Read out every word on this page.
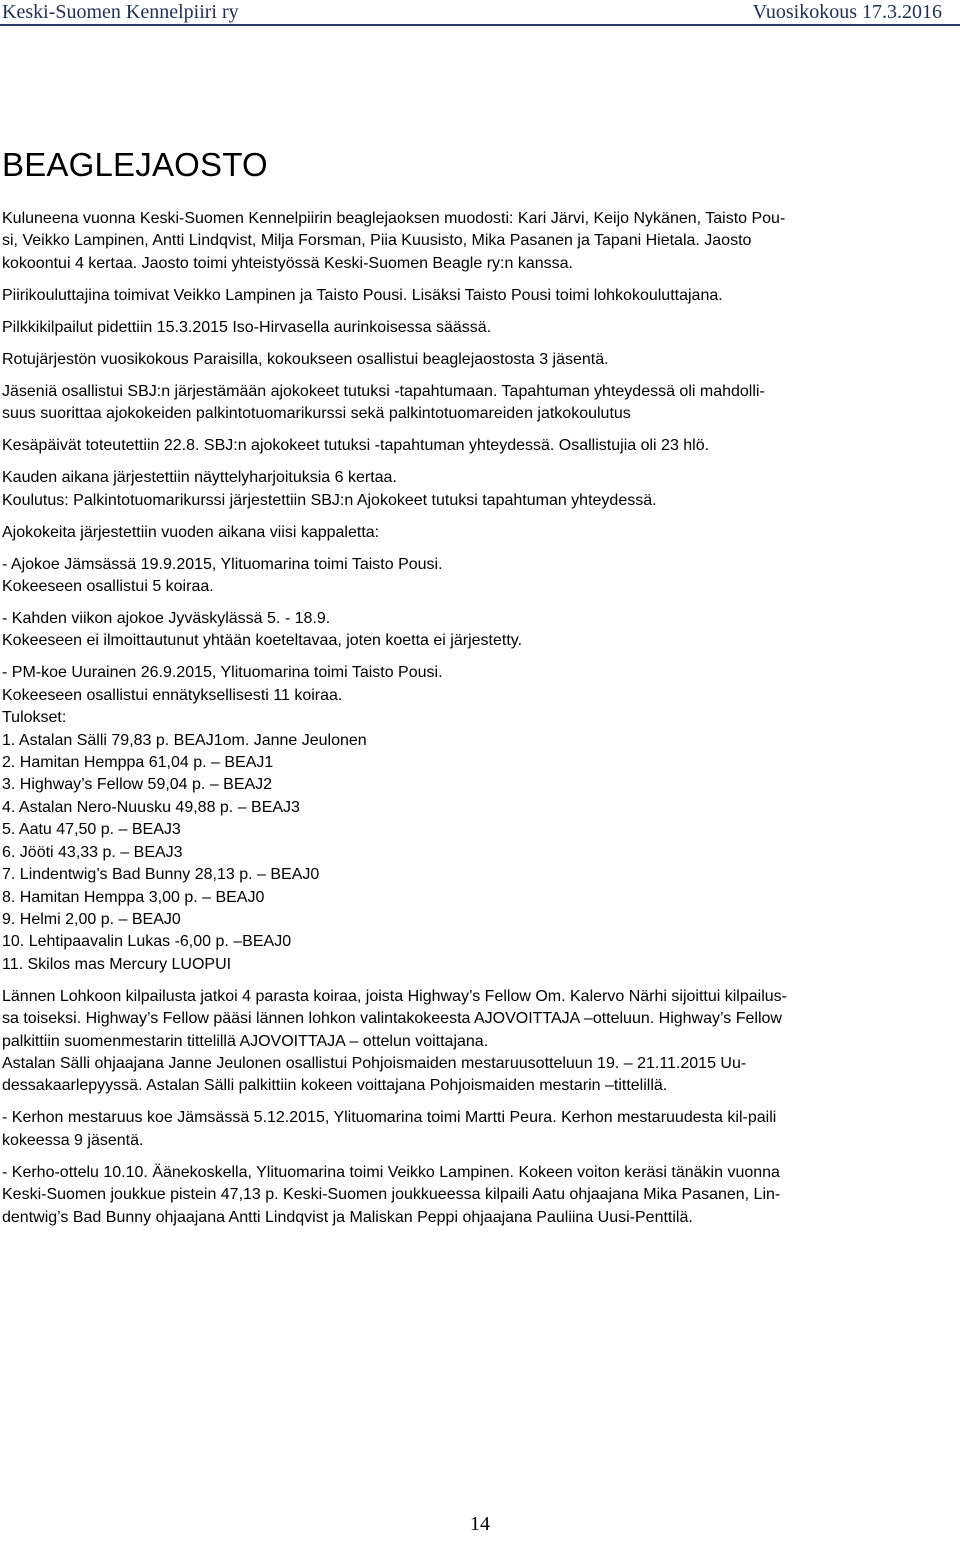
Keski-Suomen Kennelpiiri ry	Vuosikokous 17.3.2016
BEAGLEJAOSTO

Kuluneena vuonna Keski-Suomen Kennelpiirin beaglejaoksen muodosti: Kari Järvi, Keijo Nykänen, Taisto Pou-

si, Veikko Lampinen, Antti Lindqvist, Milja Forsman, Piia Kuusisto, Mika Pasanen ja Tapani Hietala. Jaosto

kokoontui 4 kertaa. Jaosto toimi yhteistyössä Keski-Suomen Beagle ry:n kanssa.

Piirikouluttajina toimivat Veikko Lampinen ja Taisto Pousi. Lisäksi Taisto Pousi toimi lohkokouluttajana.

Pilkkikilpailut pidettiin 15.3.2015 Iso-Hirvasella aurinkoisessa säässä.

Rotujärjestön vuosikokous Paraisilla, kokoukseen osallistui beaglejaostosta 3 jäsentä.

Jäseniä osallistui SBJ:n järjestämään ajokokeet tutuksi -tapahtumaan. Tapahtuman yhteydessä oli mahdolli-

suus suorittaa ajokokeiden palkintotuomarikurssi sekä palkintotuomareiden jatkokoulutus

Kesäpäivät toteutettiin 22.8. SBJ:n ajokokeet tutuksi -tapahtuman yhteydessä. Osallistujia oli 23 hlö.

Kauden aikana järjestettiin näyttelyharjoituksia 6 kertaa.

Koulutus: Palkintotuomarikurssi järjestettiin SBJ:n Ajokokeet tutuksi tapahtuman yhteydessä.

Ajokokeita järjestettiin vuoden aikana viisi kappaletta:

- Ajokoe Jämsässä 19.9.2015, Ylituomarina toimi Taisto Pousi.

Kokeeseen osallistui 5 koiraa.

- Kahden viikon ajokoe Jyväskylässä 5. - 18.9.

Kokeeseen ei ilmoittautunut yhtään koeteltavaa, joten koetta ei järjestetty.

- PM-koe Uurainen 26.9.2015, Ylituomarina toimi Taisto Pousi.

Kokeeseen osallistui ennätyksellisesti 11 koiraa.

Tulokset:

1. Astalan Sälli 79,83 p. BEAJ1om. Janne Jeulonen

2. Hamitan Hemppa 61,04 p. – BEAJ1

3. Highway’s Fellow 59,04 p. – BEAJ2

4. Astalan Nero-Nuusku 49,88 p. – BEAJ3

5. Aatu 47,50 p. – BEAJ3

6. Jööti 43,33 p. – BEAJ3

7. Lindentwig’s Bad Bunny 28,13 p. – BEAJ0

8. Hamitan Hemppa 3,00 p. – BEAJ0

9. Helmi 2,00 p. – BEAJ0

10. Lehtipaavalin Lukas -6,00 p. –BEAJ0

11. Skilos mas Mercury LUOPUI

Lännen Lohkoon kilpailusta jatkoi 4 parasta koiraa, joista Highway’s Fellow Om. Kalervo Närhi sijoittui kilpailus-

sa toiseksi. Highway’s Fellow pääsi lännen lohkon valintakokeesta AJOVOITTAJA –otteluun. Highway’s Fellow

palkittiin suomenmestarin tittelillä AJOVOITTAJA – ottelun voittajana.

Astalan Sälli ohjaajana Janne Jeulonen osallistui Pohjoismaiden mestaruusotteluun 19. – 21.11.2015 Uu-

dessakaarlepyyssä. Astalan Sälli palkittiin kokeen voittajana Pohjoismaiden mestarin –tittelillä.

- Kerhon mestaruus koe Jämsässä 5.12.2015, Ylituomarina toimi Martti Peura. Kerhon mestaruudesta kil-paili

kokeessa 9 jäsentä.

- Kerho-ottelu 10.10. Äänekoskella, Ylituomarina toimi Veikko Lampinen. Kokeen voiton keräsi tänäkin vuonna

Keski-Suomen joukkue pistein 47,13 p. Keski-Suomen joukkueessa kilpaili Aatu ohjaajana Mika Pasanen, Lin-

dentwig’s Bad Bunny ohjaajana Antti Lindqvist ja Maliskan Peppi ohjaajana Pauliina Uusi-Penttilä.

14
